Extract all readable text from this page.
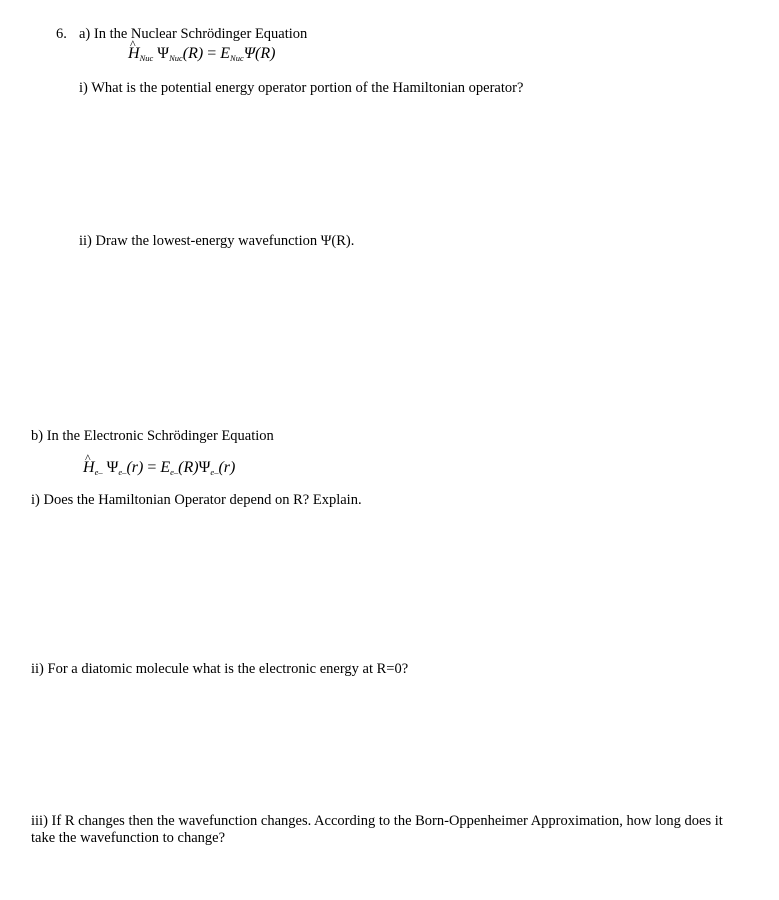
6. a) In the Nuclear Schrödinger Equation
^ $H_{Nuc}$ $\Psi_{Nuc}(R) = E_{Nuc}\Psi(R)$
i) What is the potential energy operator portion of the Hamiltonian operator?
ii) Draw the lowest-energy wavefunction Ψ(R).
b) In the Electronic Schrödinger Equation
^ $H_{e-}$ $\Psi_{e-}(r) = E_{e-}(R)\Psi_{e-}(r)$
i) Does the Hamiltonian Operator depend on R? Explain.
ii) For a diatomic molecule what is the electronic energy at R=0?
iii) If R changes then the wavefunction changes. According to the Born-Oppenheimer Approximation, how long does it take the wavefunction to change?
